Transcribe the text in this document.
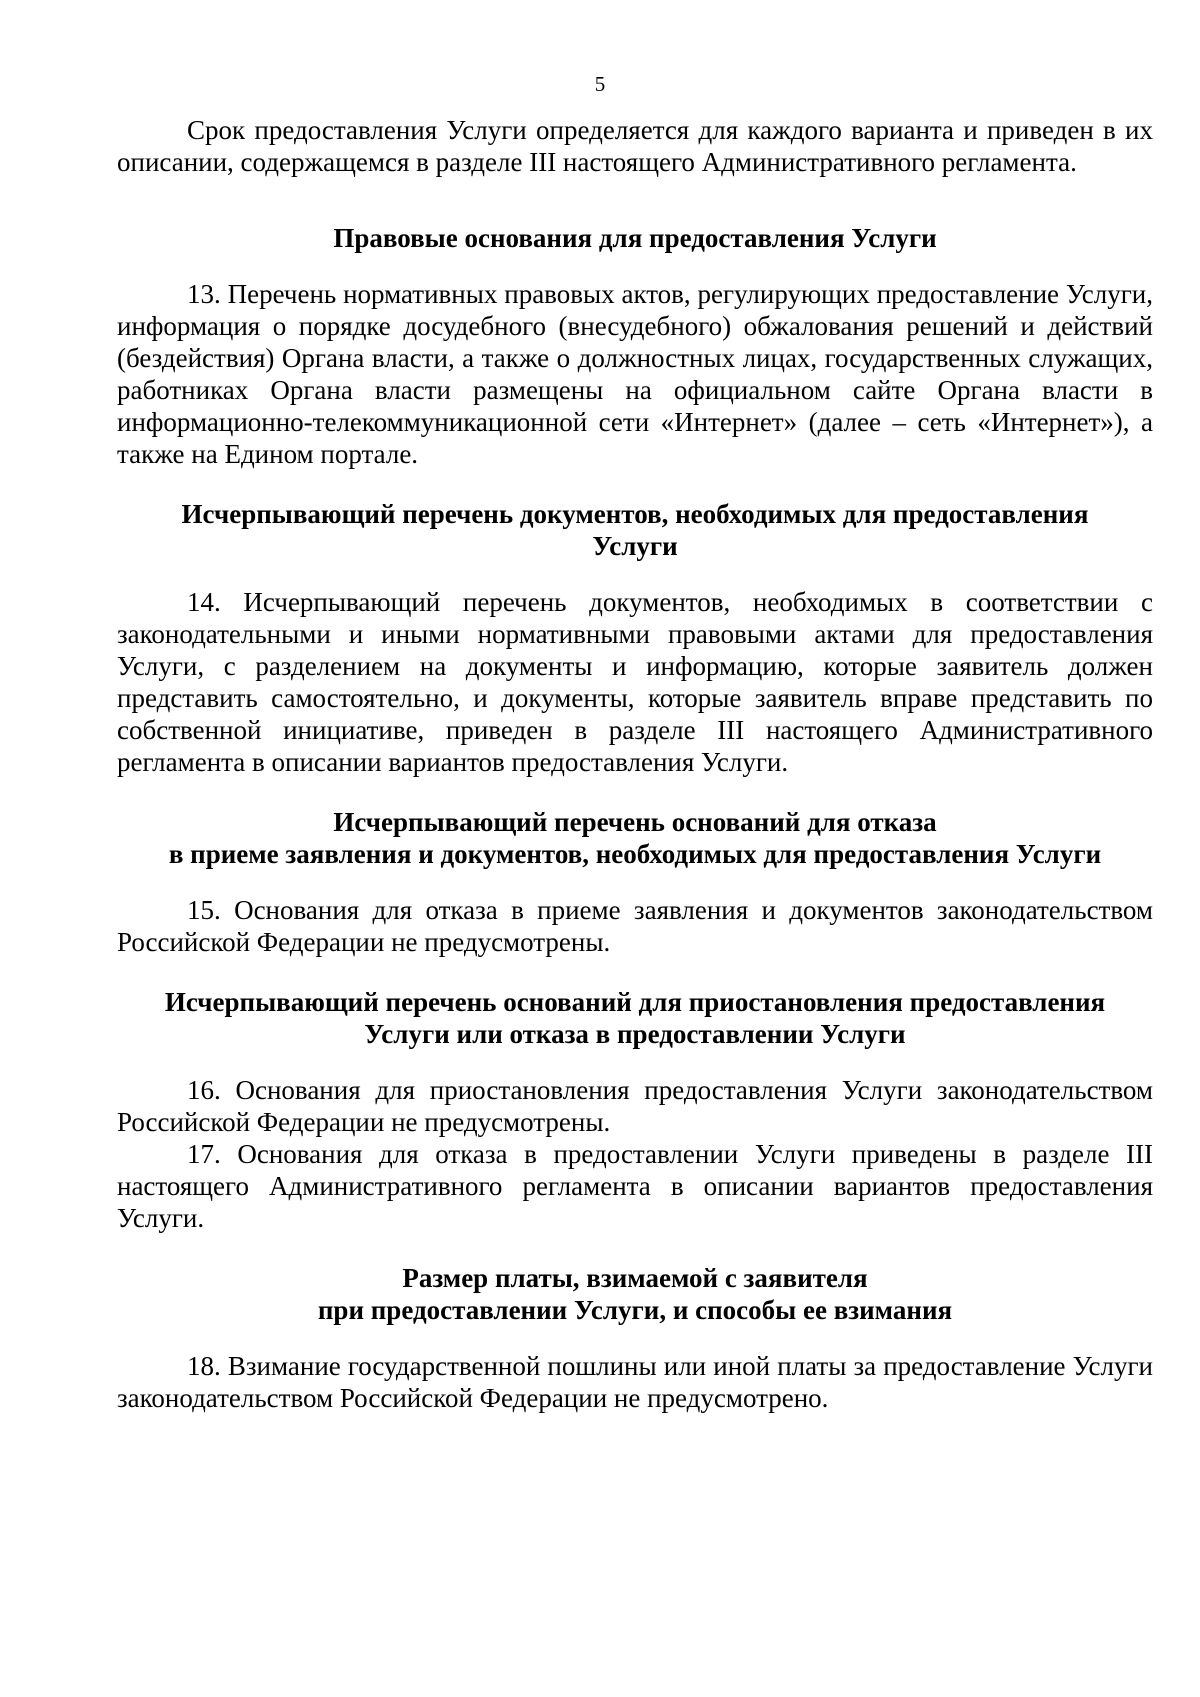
5

Срок предоставления Услуги определяется для каждого варианта и приведен в их описании, содержащемся в разделе III настоящего Административного регламента.

Правовые основания для предоставления Услуги

13. Перечень нормативных правовых актов, регулирующих предоставление Услуги, информация о порядке досудебного (внесудебного) обжалования решений и действий (бездействия) Органа власти, а также о должностных лицах, государственных служащих, работниках Органа власти размещены на официальном сайте Органа власти в информационно-телекоммуникационной сети «Интернет» (далее – сеть «Интернет»), а также на Едином портале.

Исчерпывающий перечень документов, необходимых для предоставления
Услуги

14. Исчерпывающий перечень документов, необходимых в соответствии с законодательными и иными нормативными правовыми актами для предоставления Услуги, с разделением на документы и информацию, которые заявитель должен представить самостоятельно, и документы, которые заявитель вправе представить по собственной инициативе, приведен в разделе III настоящего Административного регламента в описании вариантов предоставления Услуги.

Исчерпывающий перечень оснований для отказа
в приеме заявления и документов, необходимых для предоставления Услуги

15. Основания для отказа в приеме заявления и документов законодательством Российской Федерации не предусмотрены.

Исчерпывающий перечень оснований для приостановления предоставления
Услуги или отказа в предоставлении Услуги

16. Основания для приостановления предоставления Услуги законодательством Российской Федерации не предусмотрены.

17. Основания для отказа в предоставлении Услуги приведены в разделе III настоящего Административного регламента в описании вариантов предоставления Услуги.

Размер платы, взимаемой с заявителя
при предоставлении Услуги, и способы ее взимания

18. Взимание государственной пошлины или иной платы за предоставление Услуги законодательством Российской Федерации не предусмотрено.
